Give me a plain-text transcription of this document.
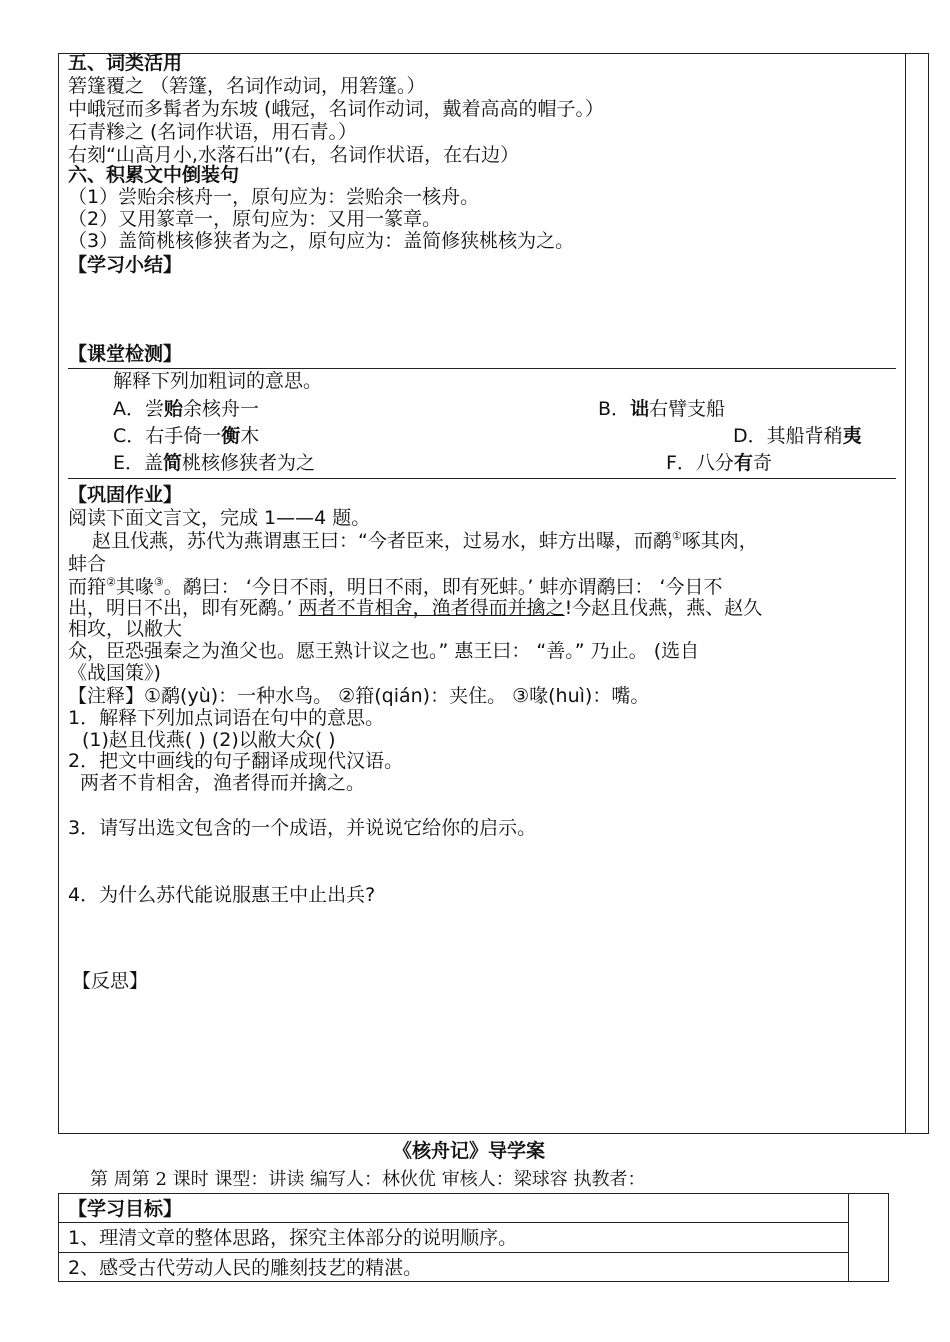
五、词类活用
箬篷覆之 （箬篷，名词作动词，用箬篷。）
中峨冠而多髯者为东坡 (峨冠，名词作动词，戴着高高的帽子。）
石青糁之 (名词作状语，用石青。）
右刻“山高月小,水落石出”(右，名词作状语，在右边）
六、积累文中倒装句
（1）尝贻余核舟一，原句应为：尝贻余一核舟。
（2）又用篆章一，原句应为：又用一篆章。
（3）盖简桃核修狭者为之，原句应为：盖简修狭桃核为之。
【学习小结】
【课堂检测】
解释下列加粗词的意思。
A．尝贻余核舟一	B．诎右臂支船
C．右手倚一衡木	D．其船背稍夷
E．盖简桃核修狭者为之	F．八分有奇
【巩固作业】
阅读下面文言文，完成 1——4 题。
赵且伐燕，苏代为燕谓惠王曰：“今者臣来，过易水，蚌方出曝，而鹬①啄其肉，
蚌合
而箝②其喙③。鹬曰： ‘今日不雨，明日不雨，即有死蚌。’ 蚌亦谓鹬曰： ‘今日不
出，明日不出，即有死鹬。’ 两者不肯相舍，渔者得而并擒之!今赵且伐燕，燕、赵久
相攻，以敝大
众，臣恐强秦之为渔父也。愿王熟计议之也。” 惠王曰： “善。” 乃止。 (选自
《战国策》)
【注释】①鹬(yù)：一种水鸟。 ②箝(qián)：夹住。 ③喙(huì)：嘴。
1．解释下列加点词语在句中的意思。
(1)赵且伐燕( ) (2)以敝大众( )
2．把文中画线的句子翻译成现代汉语。
两者不肯相舍，渔者得而并擒之。
3．请写出选文包含的一个成语，并说说它给你的启示。
4．为什么苏代能说服惠王中止出兵?
【反思】
《核舟记》导学案
第 周第 2 课时 课型：讲读 编写人：林伙优 审核人：梁球容 执教者：
【学习目标】
1、理清文章的整体思路，探究主体部分的说明顺序。
2、感受古代劳动人民的雕刻技艺的精湛。
